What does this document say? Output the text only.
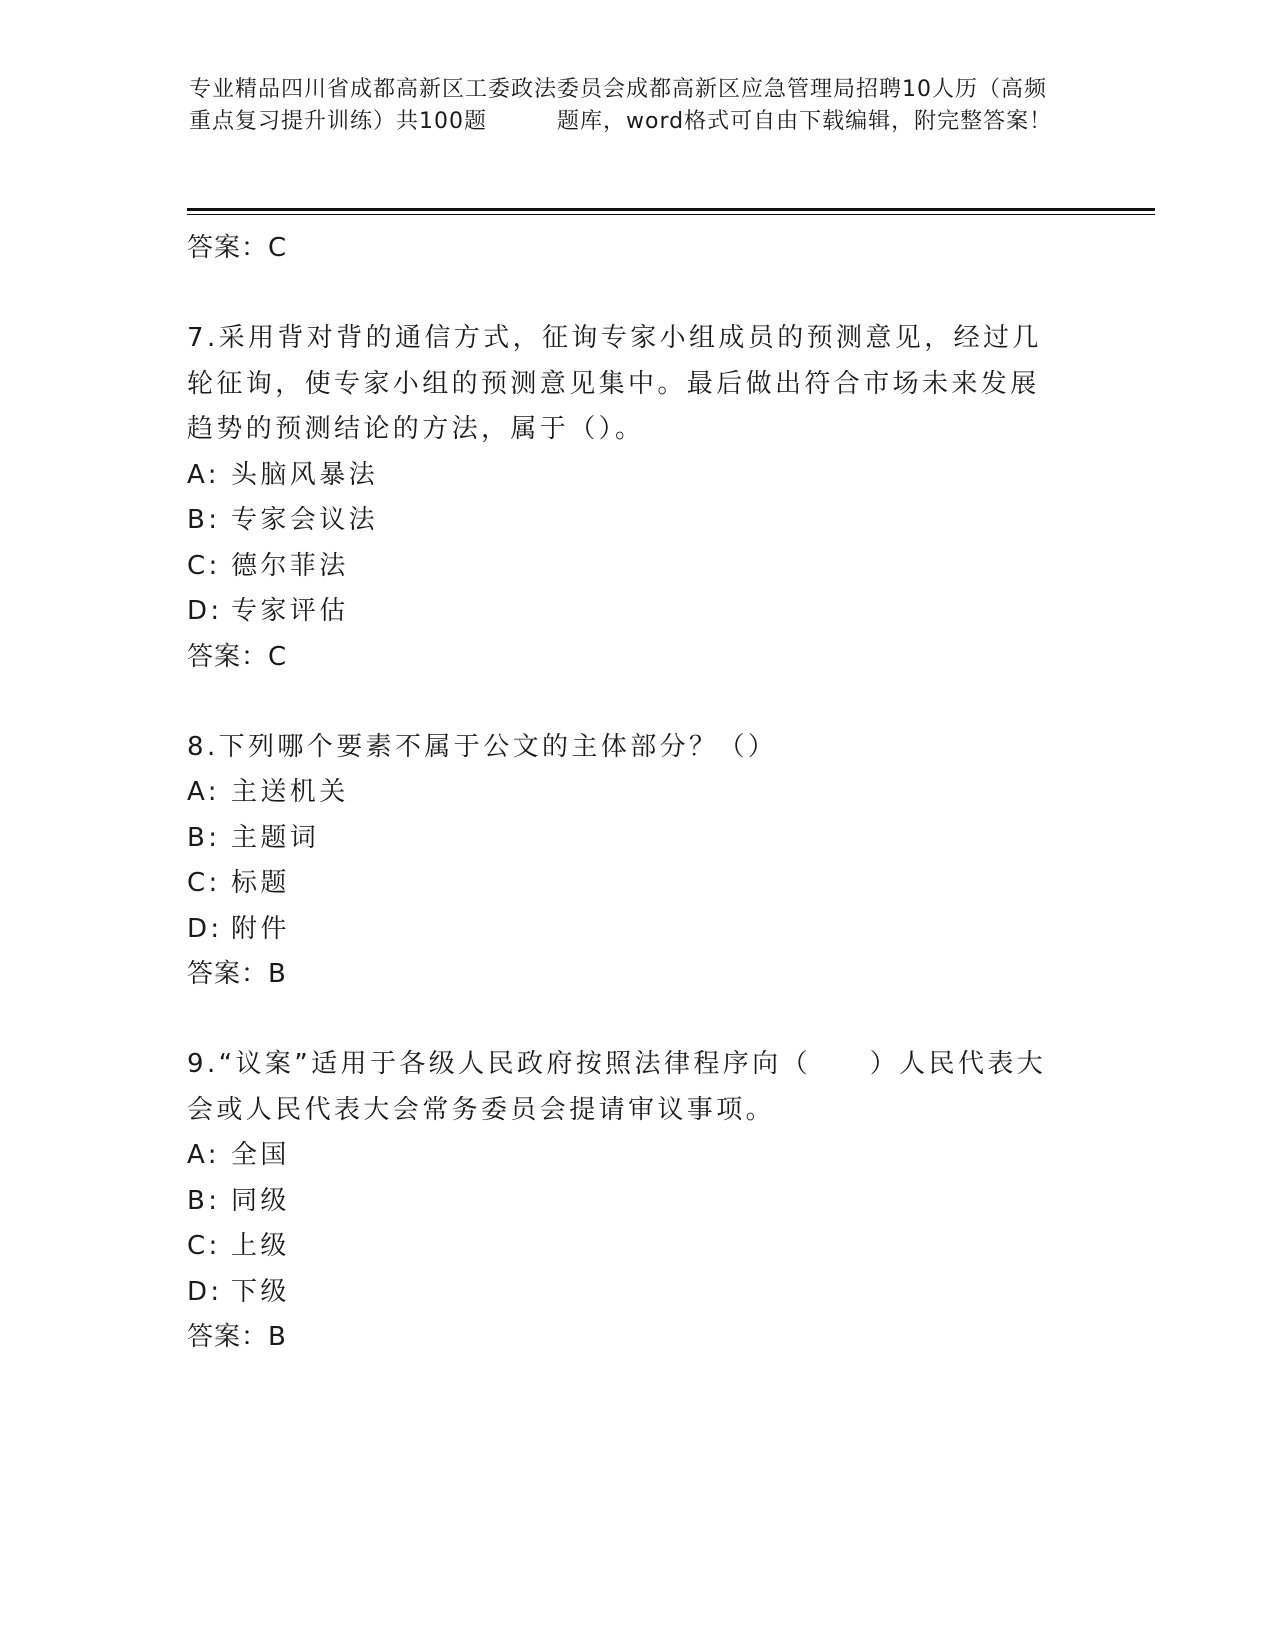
专业精品四川省成都高新区工委政法委员会成都高新区应急管理局招聘10人历（高频重点复习提升训练）共100题	题库，word格式可自由下载编辑，附完整答案！
答案：C
7.采用背对背的通信方式，征询专家小组成员的预测意见，经过几轮征询，使专家小组的预测意见集中。最后做出符合市场未来发展趋势的预测结论的方法，属于（）。
A: 头脑风暴法
B: 专家会议法
C: 德尔菲法
D: 专家评估
答案：C
8.下列哪个要素不属于公文的主体部分？（）
A: 主送机关
B: 主题词
C: 标题
D: 附件
答案：B
9.“议案”适用于各级人民政府按照法律程序向（　　）人民代表大会或人民代表大会常务委员会提请审议事项。
A: 全国
B: 同级
C: 上级
D: 下级
答案：B
